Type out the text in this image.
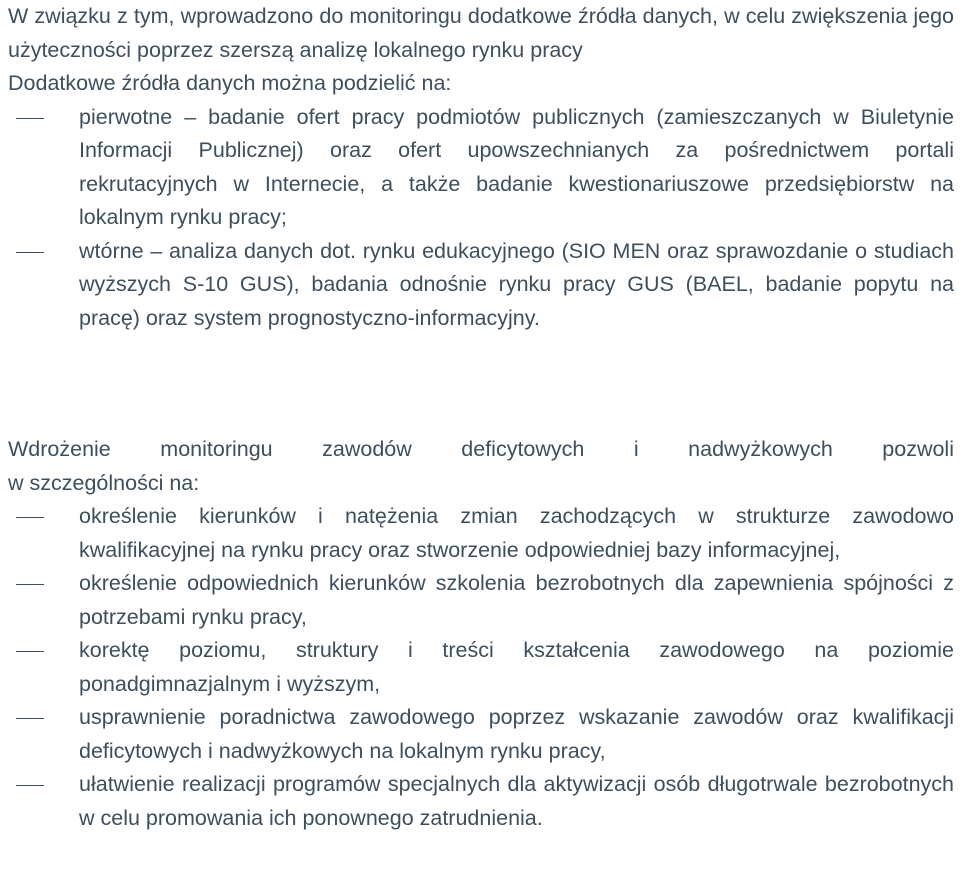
W związku z tym, wprowadzono do monitoringu dodatkowe źródła danych, w celu zwiększenia jego użyteczności poprzez szerszą analizę lokalnego rynku pracy

Dodatkowe źródła danych można podzielić na:

pierwotne – badanie ofert pracy podmiotów publicznych (zamieszczanych w Biuletynie Informacji Publicznej) oraz ofert upowszechnianych za pośrednictwem portali rekrutacyjnych w Internecie, a także badanie kwestionariuszowe przedsiębiorstw na lokalnym rynku pracy;
wtórne – analiza danych dot. rynku edukacyjnego (SIO MEN oraz sprawozdanie o studiach wyższych S-10 GUS), badania odnośnie rynku pracy GUS (BAEL, badanie popytu na pracę) oraz system prognostyczno-informacyjny.

Wdrożenie monitoringu zawodów deficytowych i nadwyżkowych pozwoli

w szczególności na:

określenie kierunków i natężenia zmian zachodzących w strukturze zawodowo kwalifikacyjnej na rynku pracy oraz stworzenie odpowiedniej bazy informacyjnej,
określenie odpowiednich kierunków szkolenia bezrobotnych dla zapewnienia spójności z potrzebami rynku pracy,
korektę poziomu, struktury i treści kształcenia zawodowego na poziomie ponadgimnazjalnym i wyższym,
usprawnienie poradnictwa zawodowego poprzez wskazanie zawodów oraz kwalifikacji deficytowych i nadwyżkowych na lokalnym rynku pracy,
ułatwienie realizacji programów specjalnych dla aktywizacji osób długotrwale bezrobotnych w celu promowania ich ponownego zatrudnienia.
